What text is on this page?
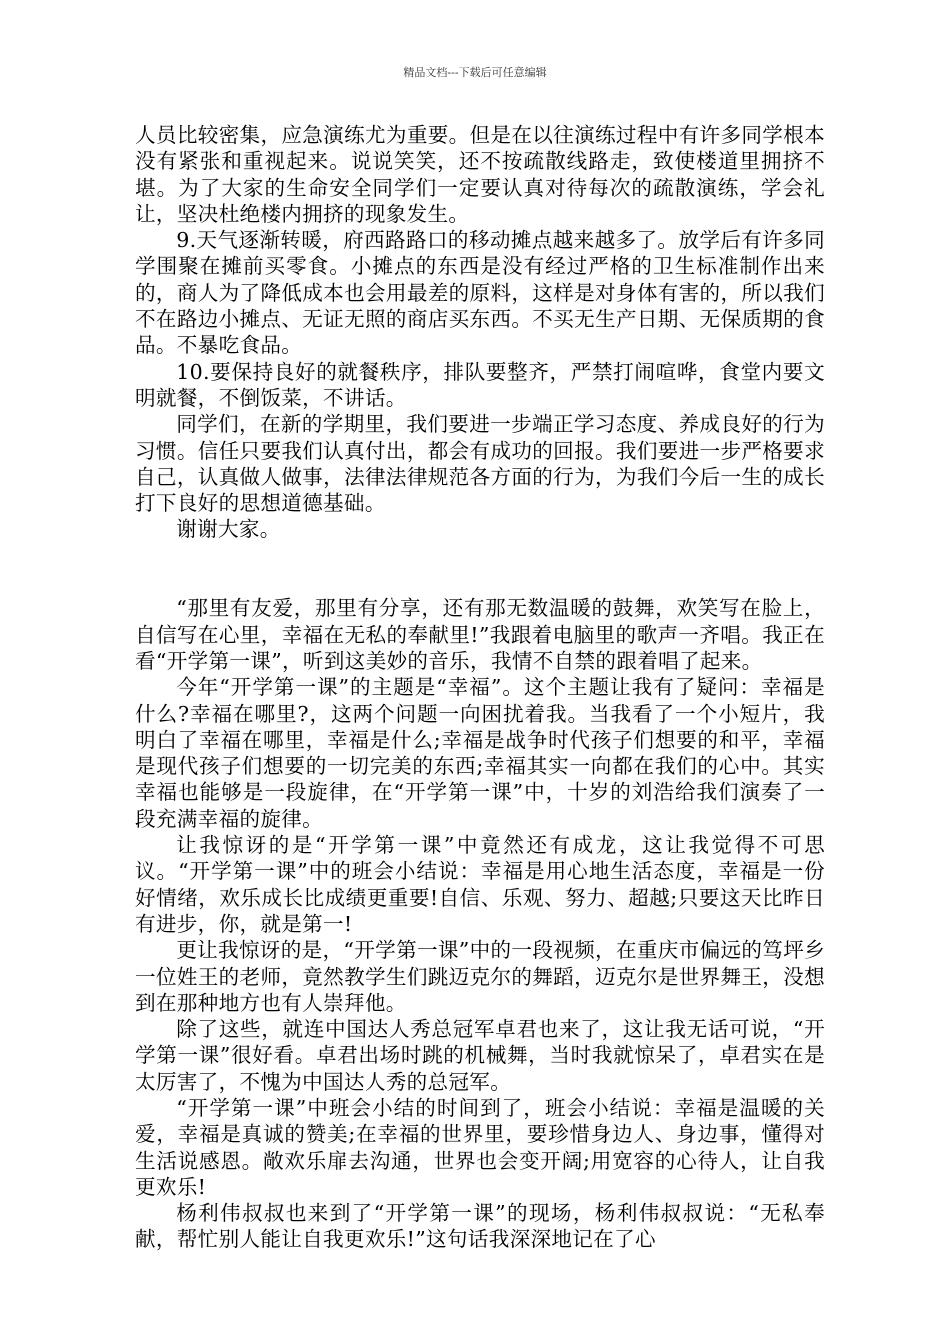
精品文档---下载后可任意编辑

人员比较密集，应急演练尤为重要。但是在以往演练过程中有许多同学根本没有紧张和重视起来。说说笑笑，还不按疏散线路走，致使楼道里拥挤不堪。为了大家的生命安全同学们一定要认真对待每次的疏散演练，学会礼让，坚决杜绝楼内拥挤的现象发生。

9.天气逐渐转暖，府西路路口的移动摊点越来越多了。放学后有许多同学围聚在摊前买零食。小摊点的东西是没有经过严格的卫生标准制作出来的，商人为了降低成本也会用最差的原料，这样是对身体有害的，所以我们不在路边小摊点、无证无照的商店买东西。不买无生产日期、无保质期的食品。不暴吃食品。

10.要保持良好的就餐秩序，排队要整齐，严禁打闹喧哗，食堂内要文明就餐，不倒饭菜，不讲话。

同学们，在新的学期里，我们要进一步端正学习态度、养成良好的行为习惯。信任只要我们认真付出，都会有成功的回报。我们要进一步严格要求自己，认真做人做事，法律法律规范各方面的行为，为我们今后一生的成长打下良好的思想道德基础。

谢谢大家。

“那里有友爱，那里有分享，还有那无数温暖的鼓舞，欢笑写在脸上，自信写在心里，幸福在无私的奉献里!”我跟着电脑里的歌声一齐唱。我正在看“开学第一课”，听到这美妙的音乐，我情不自禁的跟着唱了起来。

今年“开学第一课”的主题是“幸福”。这个主题让我有了疑问：幸福是什么?幸福在哪里?，这两个问题一向困扰着我。当我看了一个小短片，我明白了幸福在哪里，幸福是什么;幸福是战争时代孩子们想要的和平，幸福是现代孩子们想要的一切完美的东西;幸福其实一向都在我们的心中。其实幸福也能够是一段旋律，在“开学第一课”中，十岁的刘浩给我们演奏了一段充满幸福的旋律。

让我惊讶的是“开学第一课”中竟然还有成龙，这让我觉得不可思议。“开学第一课”中的班会小结说：幸福是用心地生活态度，幸福是一份好情绪，欢乐成长比成绩更重要!自信、乐观、努力、超越;只要这天比昨日有进步，你，就是第一!

更让我惊讶的是，“开学第一课”中的一段视频，在重庆市偏远的笃坪乡一位姓王的老师，竟然教学生们跳迈克尔的舞蹈，迈克尔是世界舞王，没想到在那种地方也有人崇拜他。

除了这些，就连中国达人秀总冠军卓君也来了，这让我无话可说，“开学第一课”很好看。卓君出场时跳的机械舞，当时我就惊呆了，卓君实在是太厉害了，不愧为中国达人秀的总冠军。

“开学第一课”中班会小结的时间到了，班会小结说：幸福是温暖的关爱，幸福是真诚的赞美;在幸福的世界里，要珍惜身边人、身边事，懂得对生活说感恩。敞欢乐扉去沟通，世界也会变开阔;用宽容的心待人，让自我更欢乐!

杨利伟叔叔也来到了“开学第一课”的现场，杨利伟叔叔说：“无私奉献，帮忙别人能让自我更欢乐!”这句话我深深地记在了心
